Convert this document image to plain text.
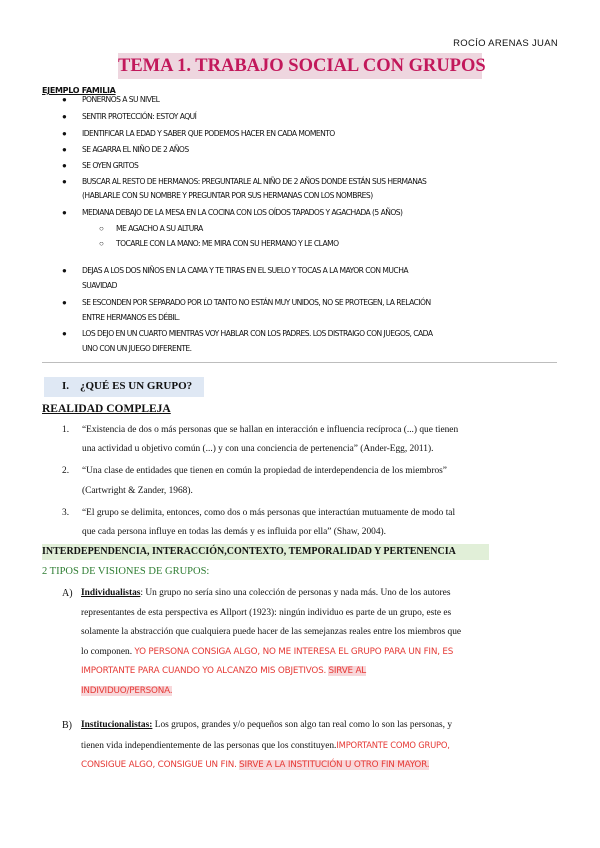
ROCÍO ARENAS JUAN
TEMA 1. TRABAJO SOCIAL CON GRUPOS
EJEMPLO FAMILIA
● PONERNOS A SU NIVEL
● SENTIR PROTECCIÓN: ESTOY AQUÍ
● IDENTIFICAR LA EDAD Y SABER QUE PODEMOS HACER EN CADA MOMENTO
● SE AGARRA EL NIÑO DE 2 AÑOS
● SE OYEN GRITOS
● BUSCAR AL RESTO DE HERMANOS: PREGUNTARLE AL NIÑO DE 2 AÑOS DONDE ESTÁN SUS HERMANAS
(HABLARLE CON SU NOMBRE Y PREGUNTAR POR SUS HERMANAS CON LOS NOMBRES)
● MEDIANA DEBAJO DE LA MESA EN LA COCINA CON LOS OÍDOS TAPADOS Y AGACHADA (5 AÑOS)
○ ME AGACHO A SU ALTURA
○ TOCARLE CON LA MANO: ME MIRA CON SU HERMANO Y LE CLAMO
● DEJAS A LOS DOS NIÑOS EN LA CAMA Y TE TIRAS EN EL SUELO Y TOCAS A LA MAYOR CON MUCHA
SUAVIDAD
● SE ESCONDEN POR SEPARADO POR LO TANTO NO ESTÁN MUY UNIDOS, NO SE PROTEGEN, LA RELACIÓN
ENTRE HERMANOS ES DÉBIL.
● LOS DEJO EN UN CUARTO MIENTRAS VOY HABLAR CON LOS PADRES. LOS DISTRAIGO CON JUEGOS, CADA
UNO CON UN JUEGO DIFERENTE.
I. ¿QUÉ ES UN GRUPO?
REALIDAD COMPLEJA
1. “Existencia de dos o más personas que se hallan en interacción e influencia recíproca (...) que tienen
una actividad u objetivo común (...) y con una conciencia de pertenencia” (Ander-Egg, 2011).
2. “Una clase de entidades que tienen en común la propiedad de interdependencia de los miembros”
(Cartwright & Zander, 1968).
3. “El grupo se delimita, entonces, como dos o más personas que interactúan mutuamente de modo tal
que cada persona influye en todas las demás y es influida por ella” (Shaw, 2004).
INTERDEPENDENCIA, INTERACCIÓN,CONTEXTO, TEMPORALIDAD Y PERTENENCIA
2 TIPOS DE VISIONES DE GRUPOS:
A) Individualistas: Un grupo no sería sino una colección de personas y nada más. Uno de los autores
representantes de esta perspectiva es Allport (1923): ningún individuo es parte de un grupo, este es
solamente la abstracción que cualquiera puede hacer de las semejanzas reales entre los miembros que
lo componen. YO PERSONA CONSIGA ALGO, NO ME INTERESA EL GRUPO PARA UN FIN, ES
IMPORTANTE PARA CUANDO YO ALCANZO MIS OBJETIVOS. SIRVE AL
INDIVIDUO/PERSONA.
B) Institucionalistas: Los grupos, grandes y/o pequeños son algo tan real como lo son las personas, y
tienen vida independientemente de las personas que los constituyen.IMPORTANTE COMO GRUPO,
CONSIGUE ALGO, CONSIGUE UN FIN. SIRVE A LA INSTITUCIÓN U OTRO FIN MAYOR.
